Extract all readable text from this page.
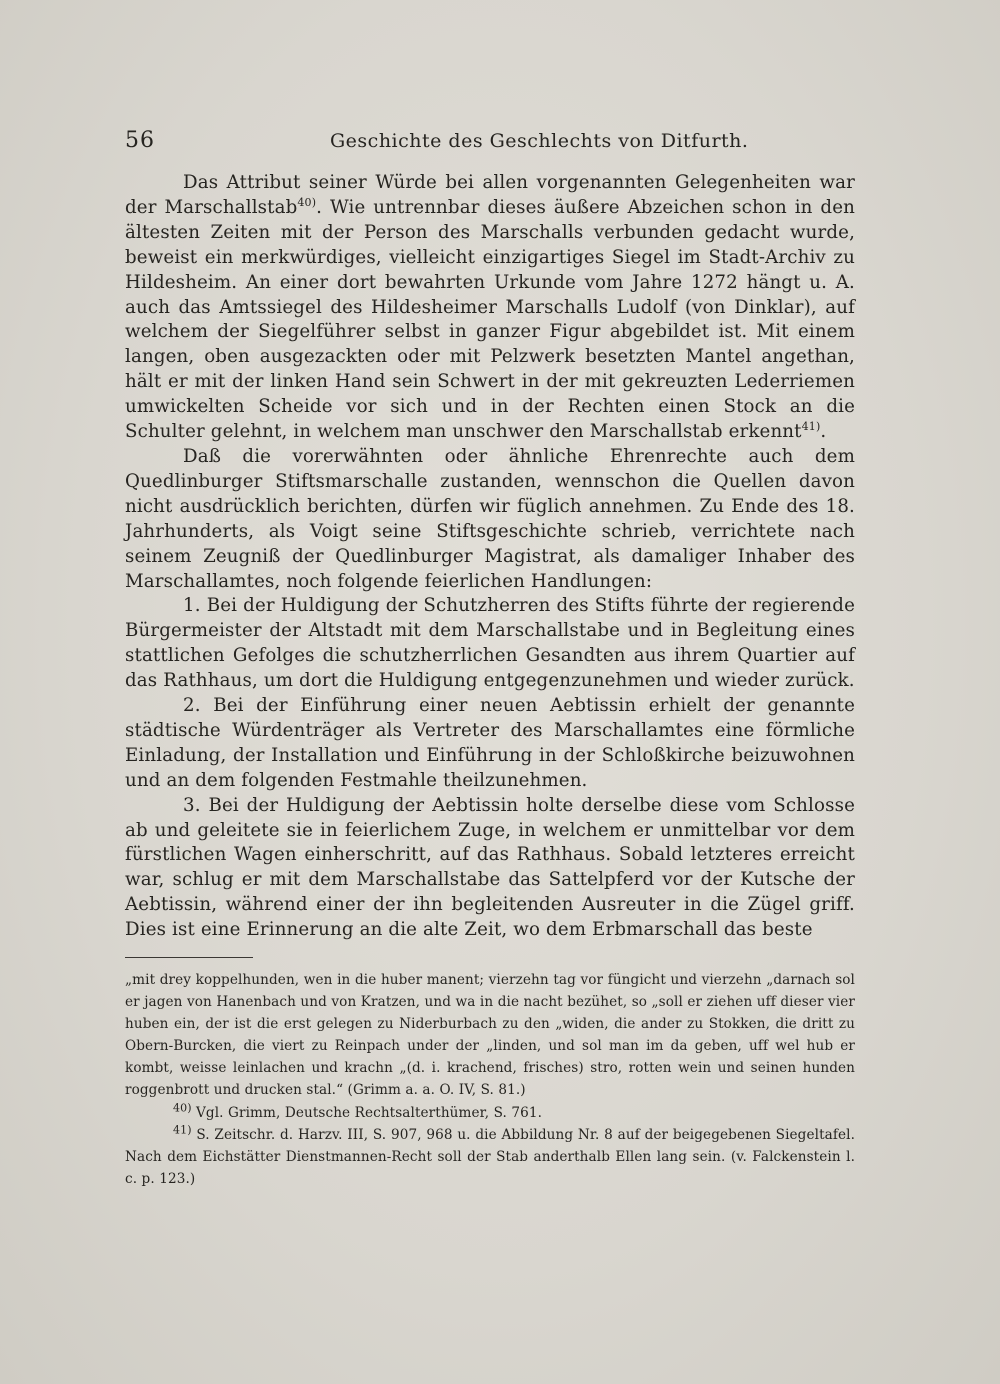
56	Geschichte des Geschlechts von Ditfurth.

Das Attribut seiner Würde bei allen vorgenannten Gelegenheiten war der Marschallstab$^{40)}$. Wie untrennbar dieses äußere Abzeichen schon in den ältesten Zeiten mit der Person des Marschalls verbunden gedacht wurde, beweist ein merkwürdiges, vielleicht einzigartiges Siegel im Stadt-Archiv zu Hildesheim. An einer dort bewahrten Urkunde vom Jahre 1272 hängt u. A. auch das Amtssiegel des Hildesheimer Marschalls Ludolf (von Dinklar), auf welchem der Siegelführer selbst in ganzer Figur abgebildet ist. Mit einem langen, oben ausgezackten oder mit Pelzwerk besetzten Mantel angethan, hält er mit der linken Hand sein Schwert in der mit gekreuzten Lederriemen umwickelten Scheide vor sich und in der Rechten einen Stock an die Schulter gelehnt, in welchem man unschwer den Marschallstab erkennt$^{41)}$.

Daß die vorerwähnten oder ähnliche Ehrenrechte auch dem Quedlinburger Stiftsmarschalle zustanden, wennschon die Quellen davon nicht ausdrücklich berichten, dürfen wir füglich annehmen. Zu Ende des 18. Jahrhunderts, als Voigt seine Stiftsgeschichte schrieb, verrichtete nach seinem Zeugniß der Quedlinburger Magistrat, als damaliger Inhaber des Marschallamtes, noch folgende feierlichen Handlungen:

1. Bei der Huldigung der Schutzherren des Stifts führte der regierende Bürgermeister der Altstadt mit dem Marschallstabe und in Begleitung eines stattlichen Gefolges die schutzherrlichen Gesandten aus ihrem Quartier auf das Rathhaus, um dort die Huldigung entgegenzunehmen und wieder zurück.

2. Bei der Einführung einer neuen Aebtissin erhielt der genannte städtische Würdenträger als Vertreter des Marschallamtes eine förmliche Einladung, der Installation und Einführung in der Schloßkirche beizuwohnen und an dem folgenden Festmahle theilzunehmen.

3. Bei der Huldigung der Aebtissin holte derselbe diese vom Schlosse ab und geleitete sie in feierlichem Zuge, in welchem er unmittelbar vor dem fürstlichen Wagen einherschritt, auf das Rathhaus. Sobald letzteres erreicht war, schlug er mit dem Marschallstabe das Sattelpferd vor der Kutsche der Aebtissin, während einer der ihn begleitenden Ausreuter in die Zügel griff. Dies ist eine Erinnerung an die alte Zeit, wo dem Erbmarschall das beste

„mit drey koppelhunden, wen in die huber manent; vierzehn tag vor füngicht und vierzehn „darnach sol er jagen von Hanenbach und von Kratzen, und wa in die nacht bezühet, so „soll er ziehen uff dieser vier huben ein, der ist die erst gelegen zu Niderburbach zu den „widen, die ander zu Stokken, die dritt zu Obern-Burcken, die viert zu Reinpach under der „linden, und sol man im da geben, uff wel hub er kombt, weisse leinlachen und krachn „(d. i. krachend, frisches) stro, rotten wein und seinen hunden roggenbrott und drucken stal.“ (Grimm a. a. O. IV, S. 81.)

$^{40)}$ Vgl. Grimm, Deutsche Rechtsalterthümer, S. 761.

$^{41)}$ S. Zeitschr. d. Harzv. III, S. 907, 968 u. die Abbildung Nr. 8 auf der beigegebenen Siegeltafel. Nach dem Eichstätter Dienstmannen-Recht soll der Stab anderthalb Ellen lang sein. (v. Falckenstein l. c. p. 123.)
